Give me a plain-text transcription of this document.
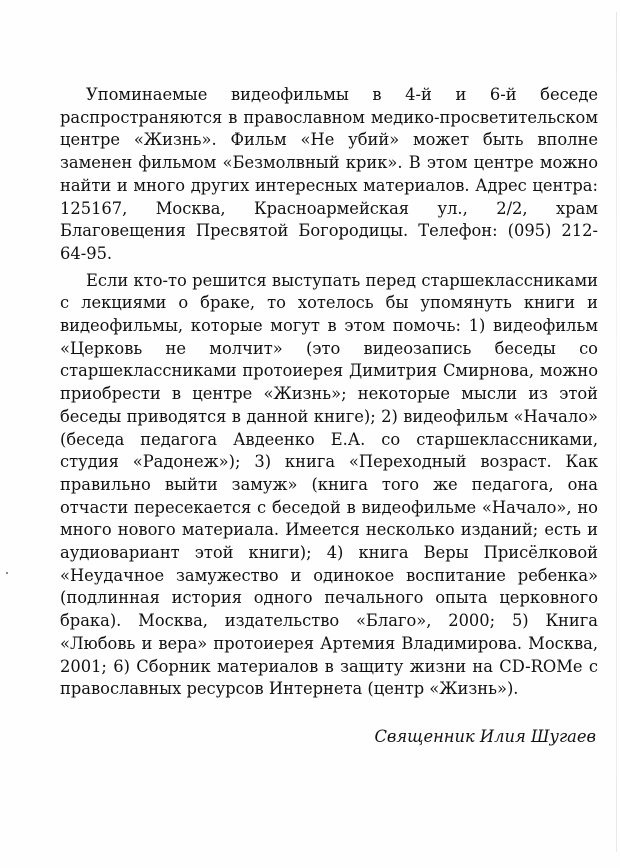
Упоминаемые видеофильмы в 4-й и 6-й беседе распространяются в православном медико-просветительском центре «Жизнь». Фильм «Не убий» может быть вполне заменен фильмом «Безмолвный крик». В этом центре можно найти и много других интересных материалов. Адрес центра: 125167, Москва, Красноармейская ул., 2/2, храм Благовещения Пресвятой Богородицы. Телефон: (095) 212-64-95.

Если кто-то решится выступать перед старшеклассниками с лекциями о браке, то хотелось бы упомянуть книги и видеофильмы, которые могут в этом помочь: 1) видеофильм «Церковь не молчит» (это видеозапись беседы со старшеклассниками протоиерея Димитрия Смирнова, можно приобрести в центре «Жизнь»; некоторые мысли из этой беседы приводятся в данной книге); 2) видеофильм «Начало» (беседа педагога Авдеенко Е.А. со старшеклассниками, студия «Радонеж»); 3) книга «Переходный возраст. Как правильно выйти замуж» (книга того же педагога, она отчасти пересекается с беседой в видеофильме «Начало», но много нового материала. Имеется несколько изданий; есть и аудиовариант этой книги); 4) книга Веры Присёлковой «Неудачное замужество и одинокое воспитание ребенка» (подлинная история одного печального опыта церковного брака). Москва, издательство «Благо», 2000; 5) Книга «Любовь и вера» протоиерея Артемия Владимирова. Москва, 2001; 6) Сборник материалов в защиту жизни на CD-ROMе с православных ресурсов Интернета (центр «Жизнь»).

Священник Илия Шугаев
